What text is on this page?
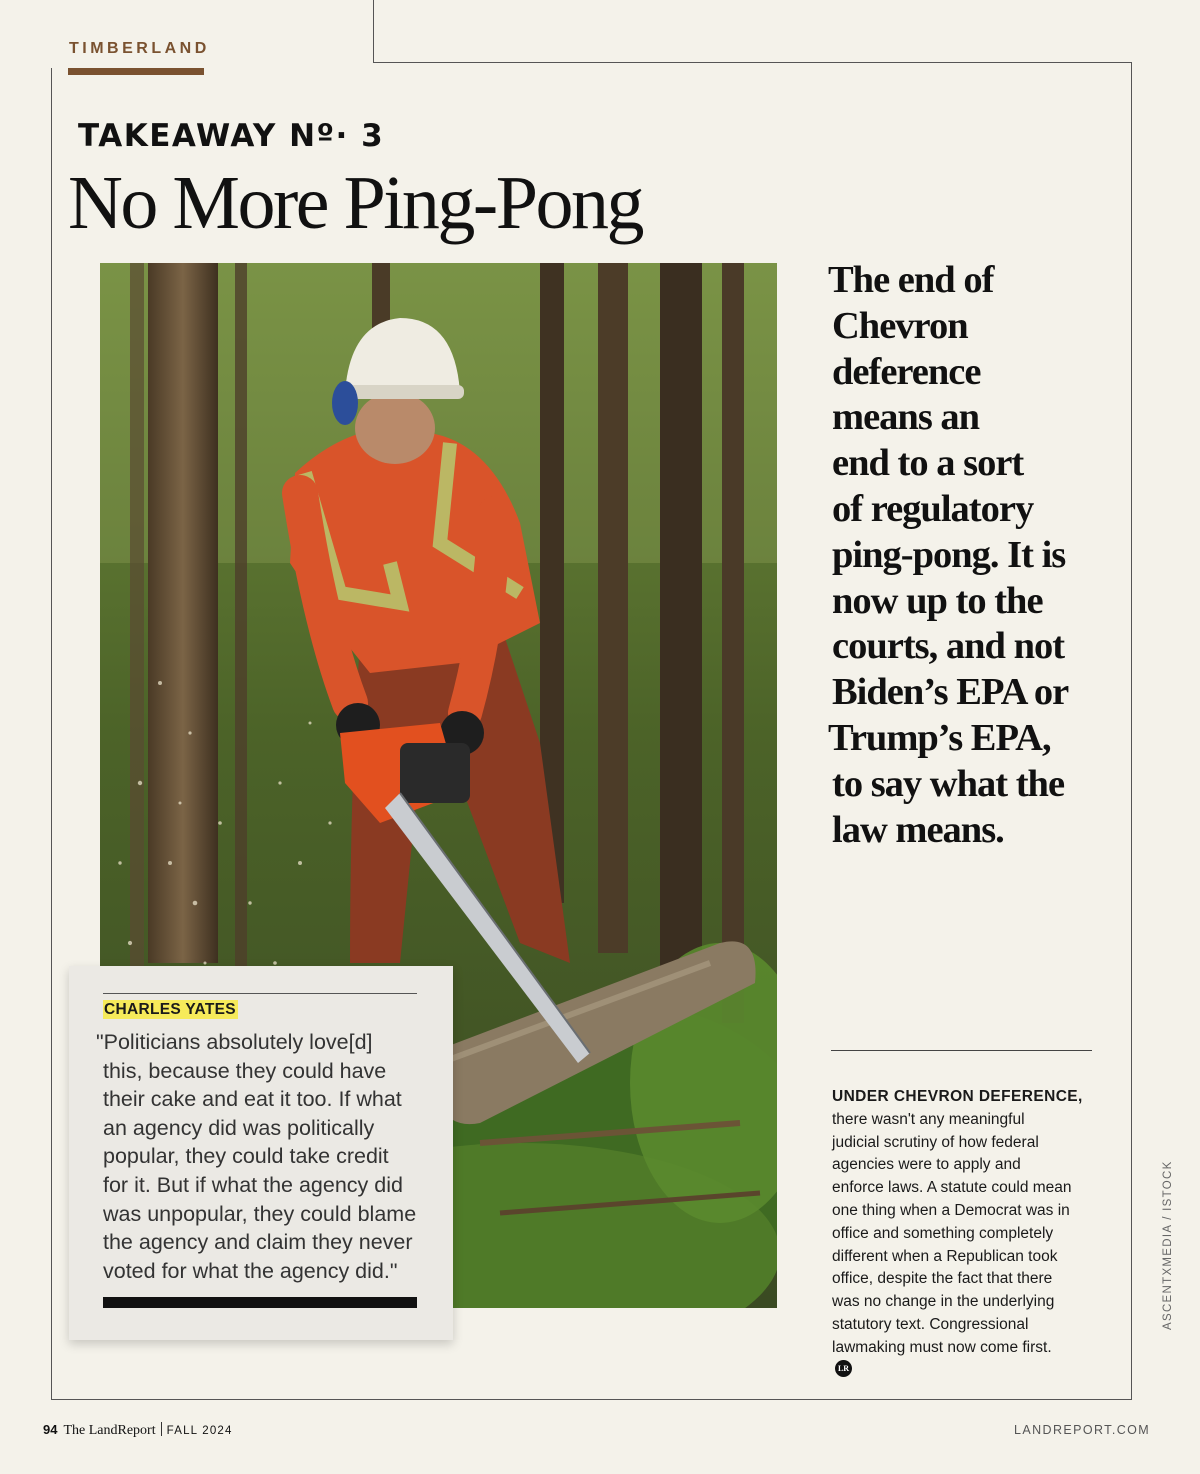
TIMBERLAND
TAKEAWAY Nº· 3
No More Ping-Pong
The end of
Chevron
deference
means an
end to a sort
of regulatory
ping-pong. It is
now up to the
courts, and not
Biden’s EPA or
Trump’s EPA,
to say what the
law means.
CHARLES YATES
"Politicians absolutely love[d]
this, because they could have
their cake and eat it too. If what
an agency did was politically
popular, they could take credit
for it. But if what the agency did
was unpopular, they could blame
the agency and claim they never
voted for what the agency did."
UNDER CHEVRON DEFERENCE,
there wasn't any meaningful
judicial scrutiny of how federal
agencies were to apply and
enforce laws. A statute could mean
one thing when a Democrat was in
office and something completely
different when a Republican took
office, despite the fact that there
was no change in the underlying
statutory text. Congressional
lawmaking must now come first.
LR
ASCENTXMEDIA / ISTOCK
94 The LandReport FALL 2024	LANDREPORT.COM
